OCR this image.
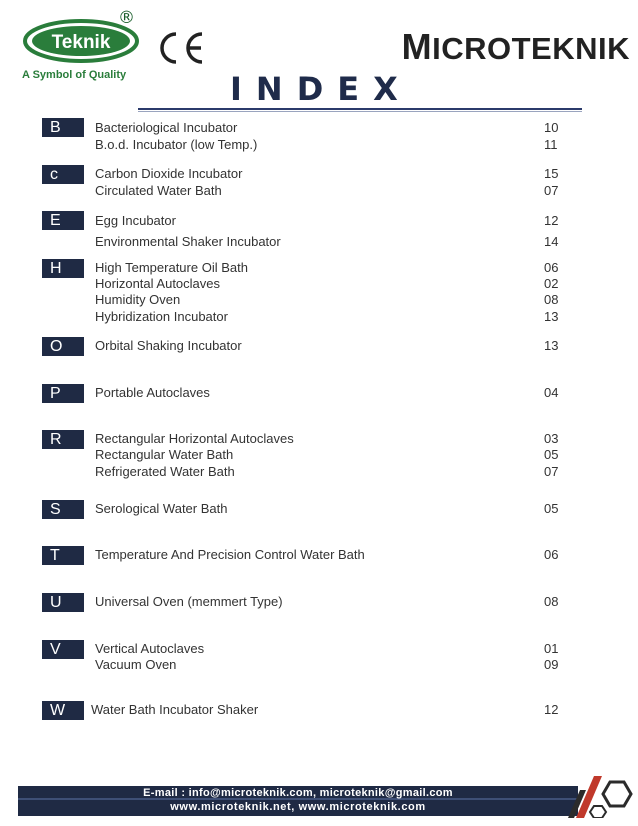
Teknik
®
A Symbol of Quality
MICROTEKNIK
INDEX
B	Bacteriological Incubator	10
B.o.d. Incubator (low Temp.)	11
c	Carbon Dioxide Incubator	15
Circulated Water Bath	07
E	Egg Incubator	12
Environmental Shaker Incubator	14
H	High Temperature Oil Bath	06
Horizontal Autoclaves	02
Humidity Oven	08
Hybridization Incubator	13
O	Orbital Shaking Incubator	13
P	Portable Autoclaves	04
R	Rectangular Horizontal Autoclaves	03
Rectangular Water Bath	05
Refrigerated Water Bath	07
S	Serological Water Bath	05
T	Temperature And Precision Control Water Bath	06
U	Universal Oven (memmert Type)	08
V	Vertical Autoclaves	01
Vacuum Oven	09
W	Water Bath Incubator Shaker	12
E-mail : info@microteknik.com, microteknik@gmail.com
www.microteknik.net, www.microteknik.com
